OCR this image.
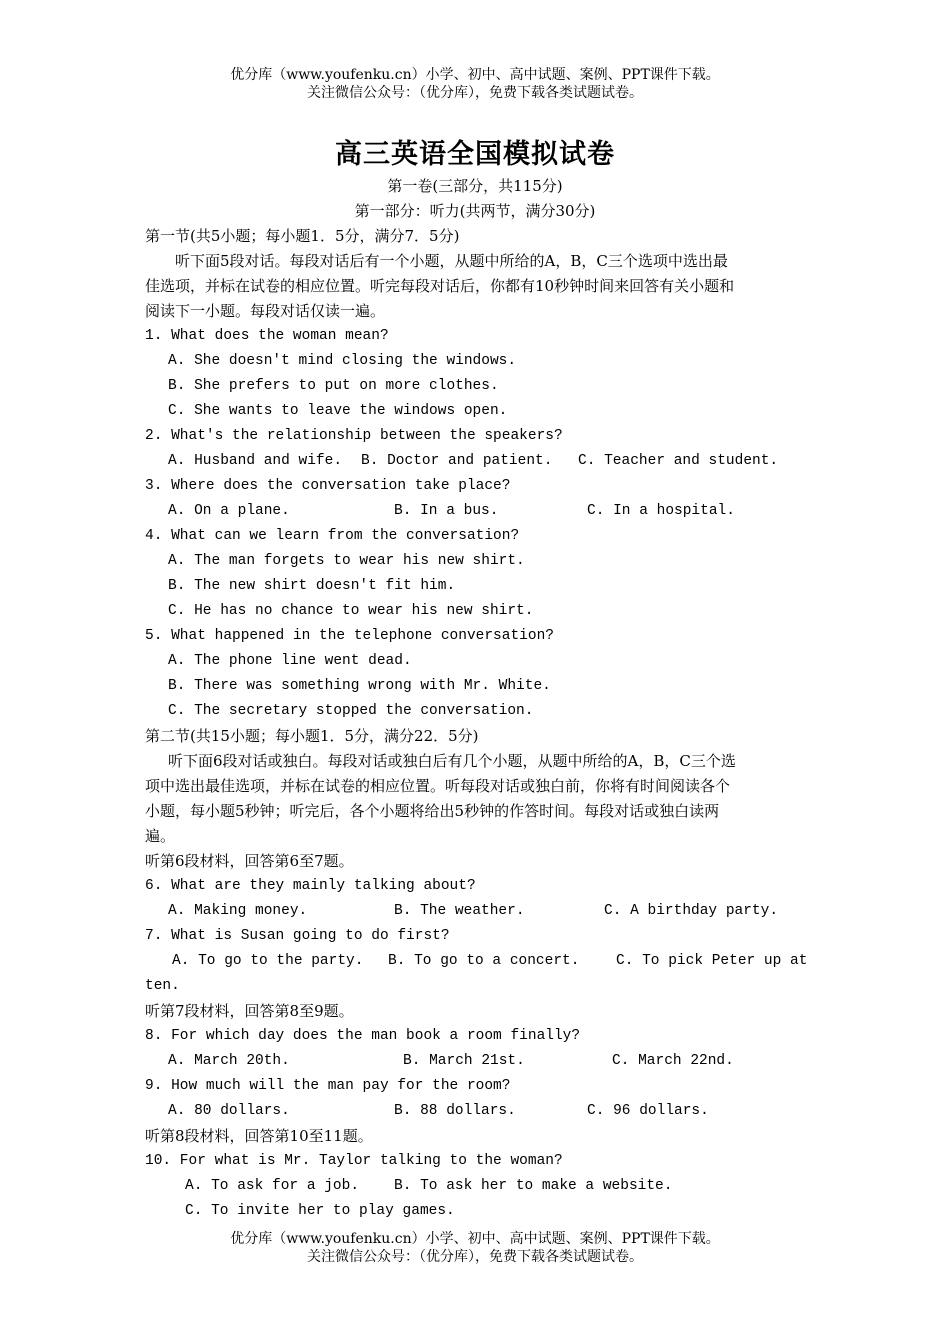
优分库（www.youfenku.cn）小学、初中、高中试题、案例、PPT课件下载。
关注微信公众号：（优分库），免费下载各类试题试卷。
高三英语全国模拟试卷
第一卷(三部分，共115分)
第一部分：听力(共两节，满分30分)
第一节(共5小题；每小题1．5分，满分7．5分)
听下面5段对话。每段对话后有一个小题，从题中所给的A，B，C三个选项中选出最
佳选项，并标在试卷的相应位置。听完每段对话后，你都有10秒钟时间来回答有关小题和
阅读下一小题。每段对话仅读一遍。
1. What does the woman mean?
A. She doesn't mind closing the windows.
B. She prefers to put on more clothes.
C. She wants to leave the windows open.
2. What's the relationship between the speakers?
A. Husband and wife. B. Doctor and patient. C. Teacher and student.
3. Where does the conversation take place?
A. On a plane.	B. In a bus.	C. In a hospital.
4. What can we learn from the conversation?
A. The man forgets to wear his new shirt.
B. The new shirt doesn't fit him.
C. He has no chance to wear his new shirt.
5. What happened in the telephone conversation?
A. The phone line went dead.
B. There was something wrong with Mr. White.
C. The secretary stopped the conversation.
第二节(共15小题；每小题1．5分，满分22．5分)
听下面6段对话或独白。每段对话或独白后有几个小题，从题中所给的A，B，C三个选
项中选出最佳选项，并标在试卷的相应位置。听每段对话或独白前，你将有时间阅读各个
小题，每小题5秒钟；听完后，各个小题将给出5秒钟的作答时间。每段对话或独白读两
遍。
听第6段材料，回答第6至7题。
6. What are they mainly talking about?
A. Making money.	B. The weather.	C. A birthday party.
7. What is Susan going to do first?
A. To go to the party. B. To go to a concert.	C. To pick Peter up at
ten.
听第7段材料，回答第8至9题。
8. For which day does the man book a room finally?
A. March 20th.	B. March 21st.	C. March 22nd.
9. How much will the man pay for the room?
A. 80 dollars.	B. 88 dollars.	C. 96 dollars.
听第8段材料，回答第10至11题。
10. For what is Mr. Taylor talking to the woman?
A. To ask for a job. B. To ask her to make a website.
C. To invite her to play games.
优分库（www.youfenku.cn）小学、初中、高中试题、案例、PPT课件下载。
关注微信公众号：（优分库），免费下载各类试题试卷。
